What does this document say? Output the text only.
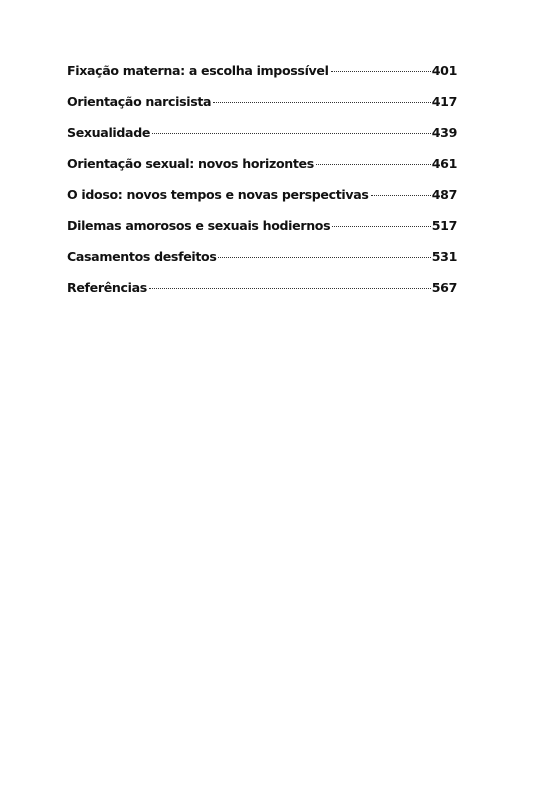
Fixação materna: a escolha impossível	401
Orientação narcisista	417
Sexualidade	439
Orientação sexual: novos horizontes	461
O idoso: novos tempos e novas perspectivas	487
Dilemas amorosos e sexuais hodiernos	517
Casamentos desfeitos	531
Referências	567
